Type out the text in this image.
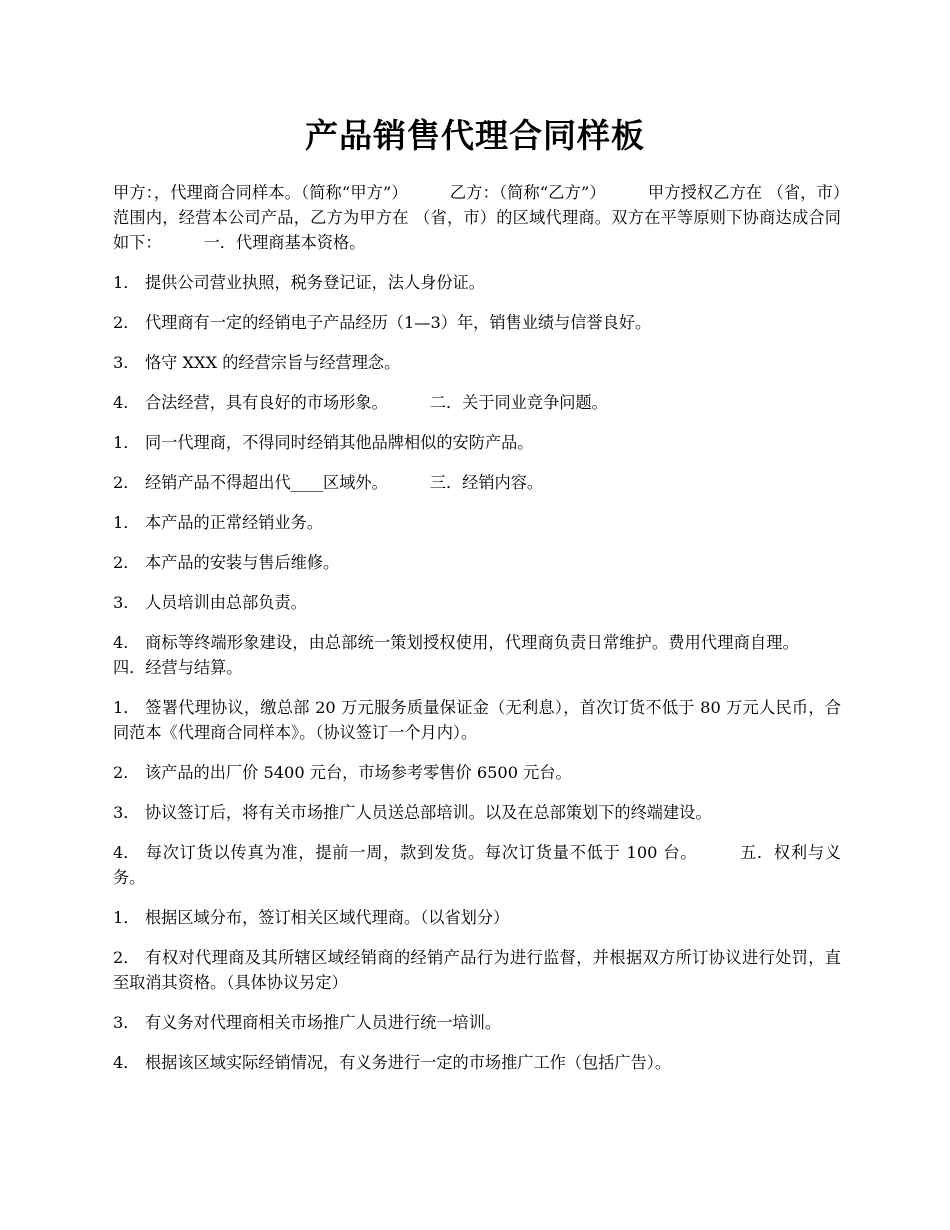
产品销售代理合同样板

甲方：，代理商合同样本。（简称“甲方”）	乙方：（简称“乙方”）	甲方授权乙方在 （省，市）范围内，经营本公司产品，乙方为甲方在 （省，市）的区域代理商。双方在平等原则下协商达成合同如下：	一．代理商基本资格。

1． 提供公司营业执照，税务登记证，法人身份证。

2． 代理商有一定的经销电子产品经历（1—3）年，销售业绩与信誉良好。

3． 恪守 XXX 的经营宗旨与经营理念。

4． 合法经营，具有良好的市场形象。	二．关于同业竞争问题。

1． 同一代理商，不得同时经销其他品牌相似的安防产品。

2． 经销产品不得超出代____区域外。	三．经销内容。

1． 本产品的正常经销业务。

2． 本产品的安装与售后维修。

3． 人员培训由总部负责。

4． 商标等终端形象建设，由总部统一策划授权使用，代理商负责日常维护。费用代理商自理。四．经营与结算。

1． 签署代理协议，缴总部 20 万元服务质量保证金（无利息），首次订货不低于 80 万元人民币，合同范本《代理商合同样本》。（协议签订一个月内）。

2． 该产品的出厂价 5400 元台，市场参考零售价 6500 元台。

3． 协议签订后，将有关市场推广人员送总部培训。以及在总部策划下的终端建设。

4． 每次订货以传真为准，提前一周，款到发货。每次订货量不低于 100 台。	五．权利与义务。

1． 根据区域分布，签订相关区域代理商。（以省划分）

2． 有权对代理商及其所辖区域经销商的经销产品行为进行监督，并根据双方所订协议进行处罚，直至取消其资格。（具体协议另定）

3． 有义务对代理商相关市场推广人员进行统一培训。

4． 根据该区域实际经销情况，有义务进行一定的市场推广工作（包括广告）。
